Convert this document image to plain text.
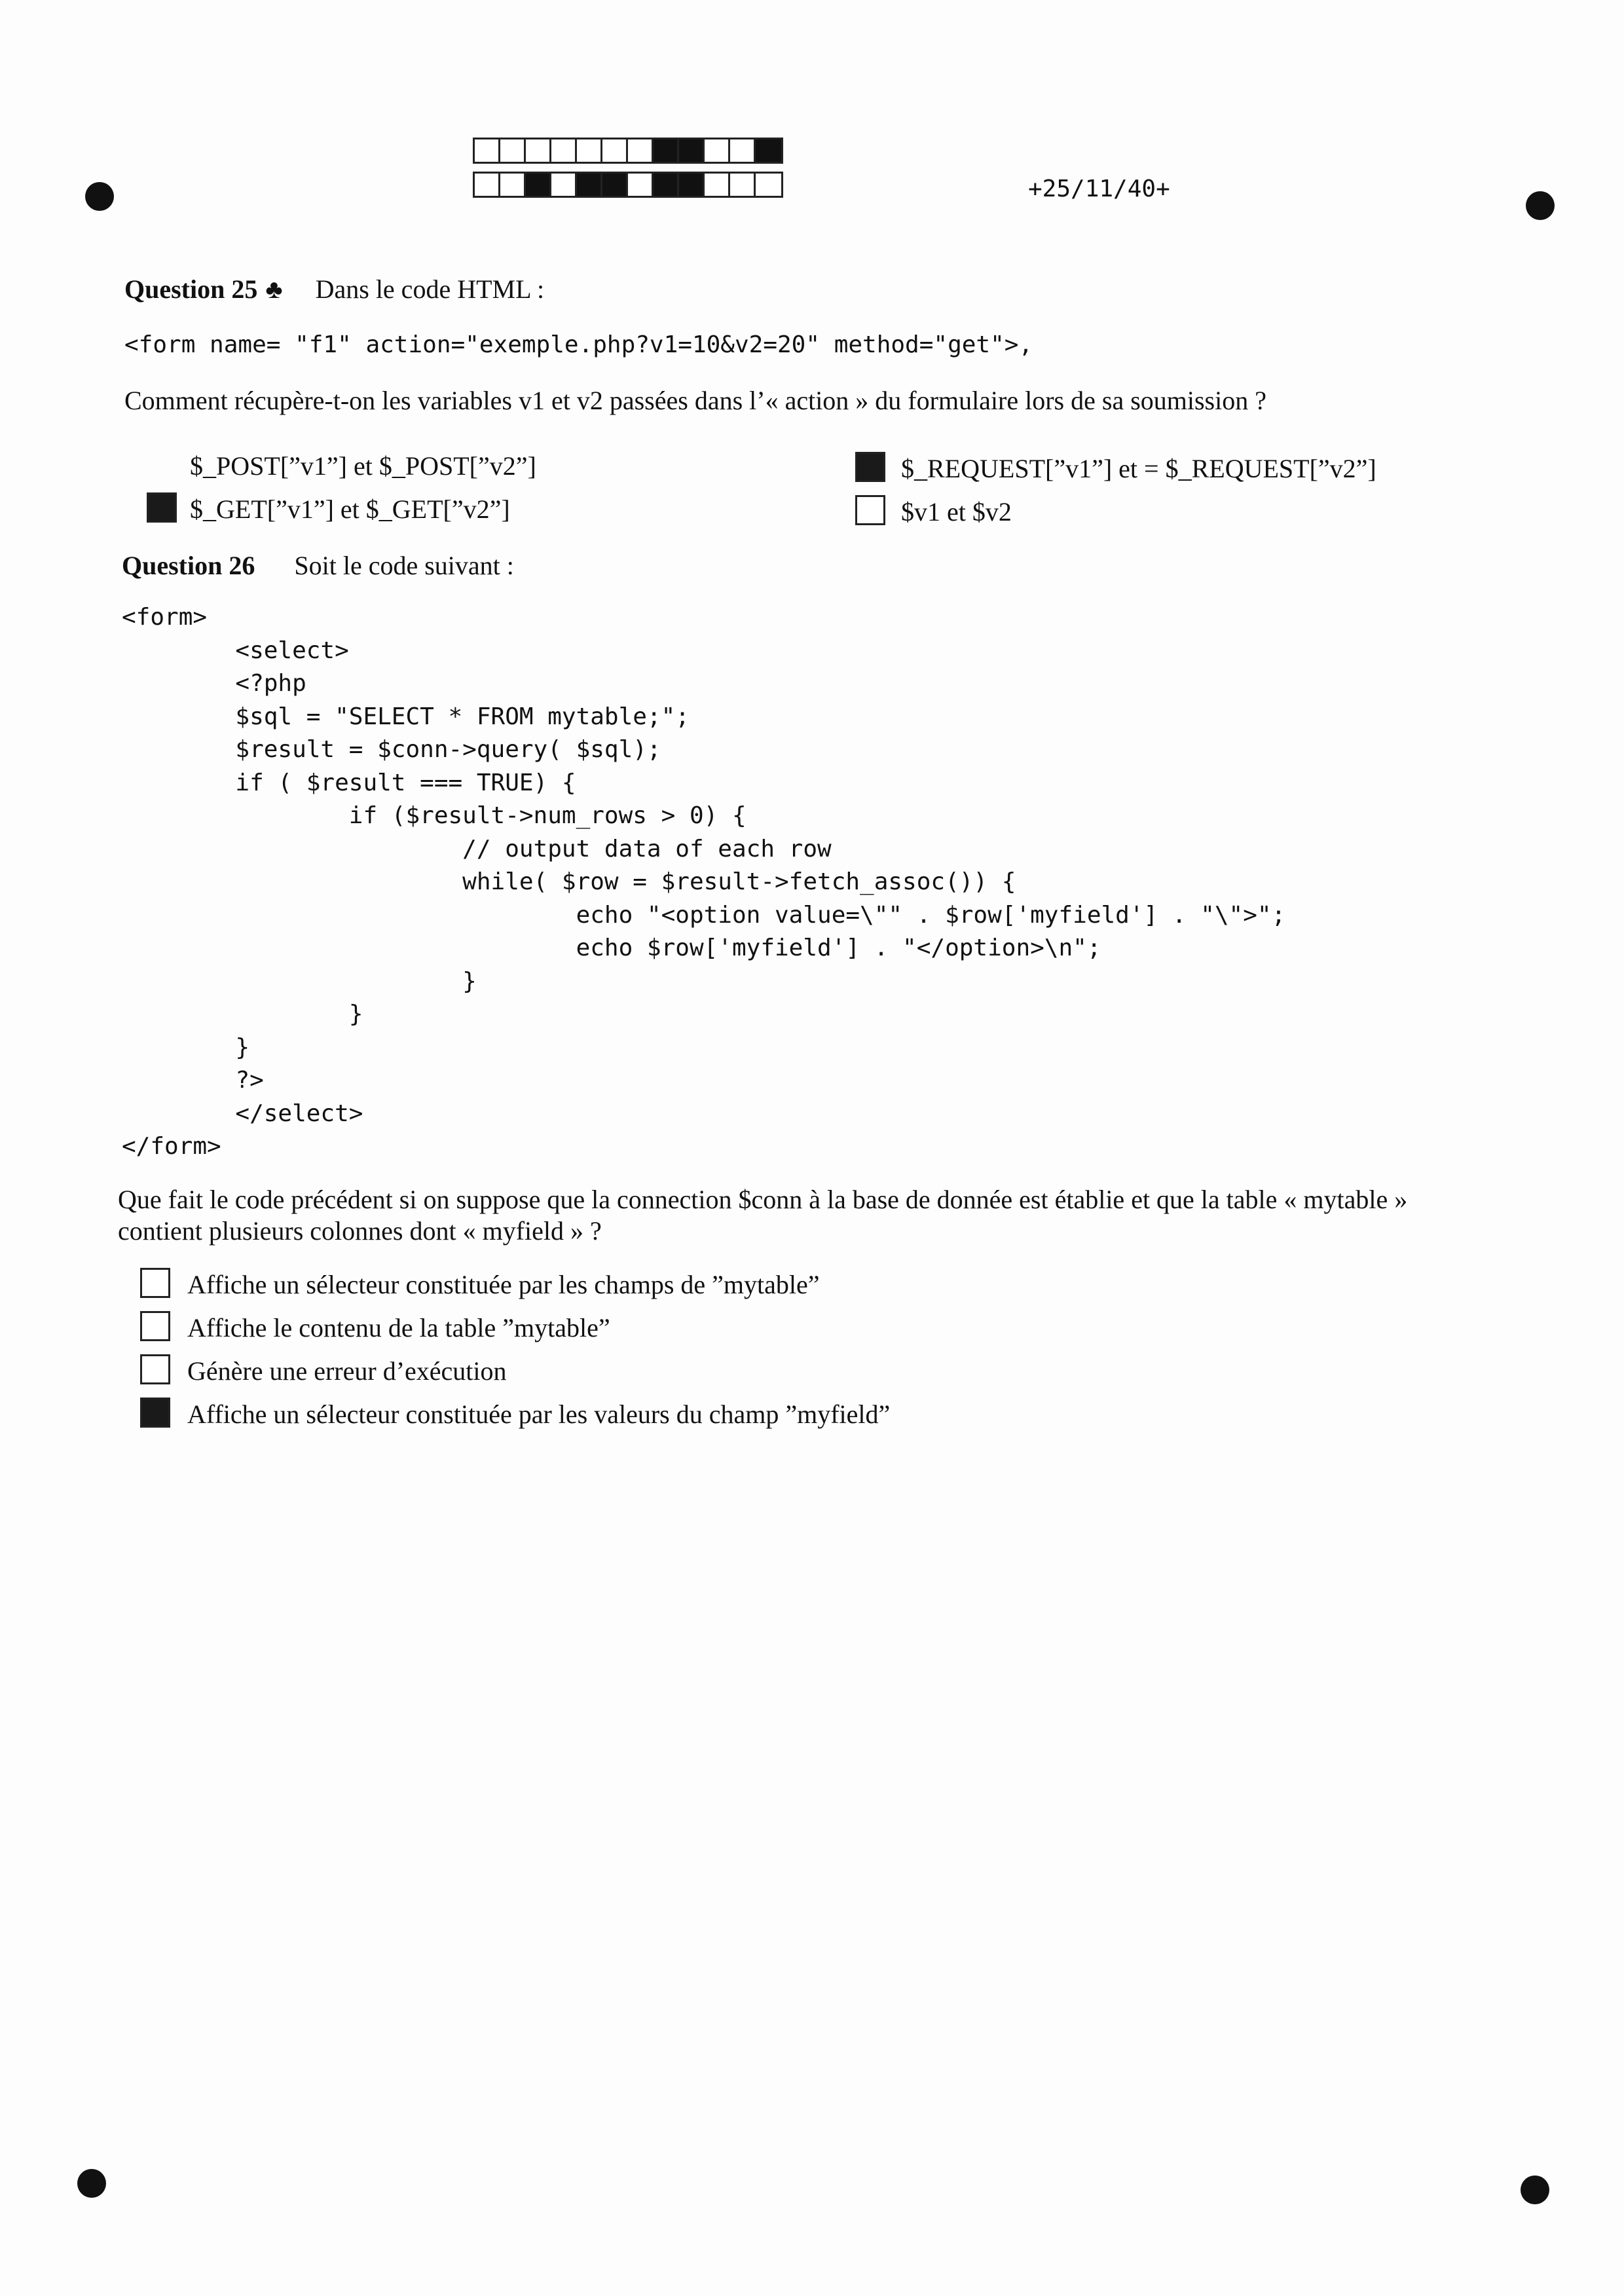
+25/11/40+
Question 25 ♣ Dans le code HTML :
<form name= "f1" action="exemple.php?v1=10&v2=20" method="get">,
Comment récupère-t-on les variables v1 et v2 passées dans l’« action » du formulaire lors de sa soumission ?
$_POST[”v1”] et $_POST[”v2”]
$_GET[”v1”] et $_GET[”v2”]
$_REQUEST[”v1”] et = $_REQUEST[”v2”]
$v1 et $v2
Question 26 Soit le code suivant :
<form>
<select>
<?php
$sql = "SELECT * FROM mytable;";
$result = $conn->query( $sql);
if ( $result === TRUE) {
if ($result->num_rows > 0) {
// output data of each row
while( $row = $result->fetch_assoc()) {
echo "<option value=\"" . $row['myfield'] . "\">";
echo $row['myfield'] . "</option>\n";
}
}
}
?>
</select>
</form>
Que fait le code précédent si on suppose que la connection $conn à la base de donnée est établie et que la table « mytable »
contient plusieurs colonnes dont « myfield » ?
Affiche un sélecteur constituée par les champs de ”mytable”
Affiche le contenu de la table ”mytable”
Génère une erreur d’exécution
Affiche un sélecteur constituée par les valeurs du champ ”myfield”
